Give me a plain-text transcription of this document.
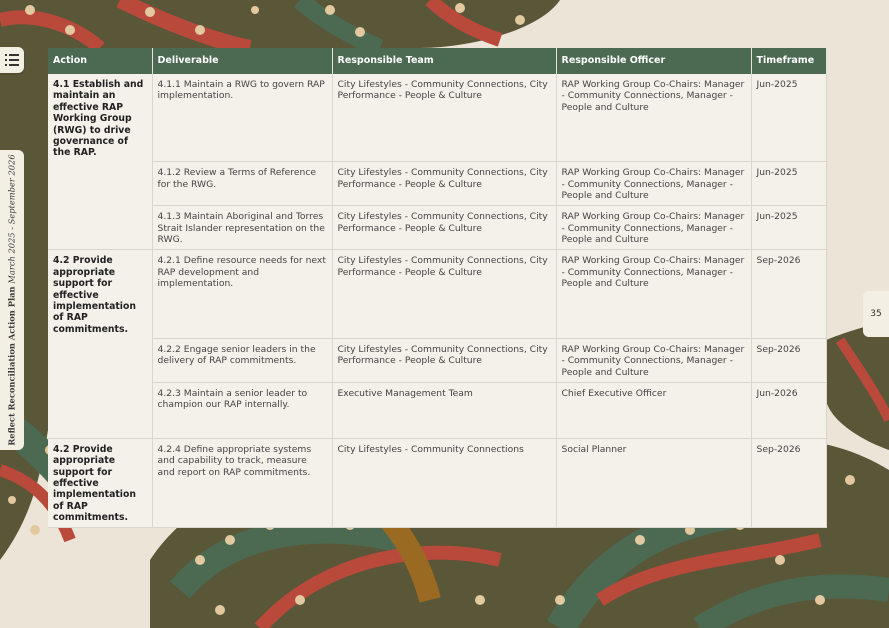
Reflect Reconciliation Action Plan March 2025 - September 2026
35
Action	Deliverable	Responsible Team	Responsible Officer	Timeframe
4.1 Establish and maintain an effective RAP Working Group (RWG) to drive governance of the RAP.	4.1.1 Maintain a RWG to govern RAP implementation.	City Lifestyles - Community Connections, City Performance - People & Culture	RAP Working Group Co-Chairs: Manager - Community Connections, Manager - People and Culture	Jun-2025
	4.1.2 Review a Terms of Reference for the RWG.	City Lifestyles - Community Connections, City Performance - People & Culture	RAP Working Group Co-Chairs: Manager - Community Connections, Manager - People and Culture	Jun-2025
	4.1.3 Maintain Aboriginal and Torres Strait Islander representation on the RWG.	City Lifestyles - Community Connections, City Performance - People & Culture	RAP Working Group Co-Chairs: Manager - Community Connections, Manager - People and Culture	Jun-2025
4.2 Provide appropriate support for effective implementation of RAP commitments.	4.2.1 Define resource needs for next RAP development and implementation.	City Lifestyles - Community Connections, City Performance - People & Culture	RAP Working Group Co-Chairs: Manager - Community Connections, Manager - People and Culture	Sep-2026
	4.2.2 Engage senior leaders in the delivery of RAP commitments.	City Lifestyles - Community Connections, City Performance - People & Culture	RAP Working Group Co-Chairs: Manager - Community Connections, Manager - People and Culture	Sep-2026
	4.2.3 Maintain a senior leader to champion our RAP internally.	Executive Management Team	Chief Executive Officer	Jun-2026
4.2 Provide appropriate support for effective implementation of RAP commitments.	4.2.4 Define appropriate systems and capability to track, measure and report on RAP commitments.	City Lifestyles - Community Connections	Social Planner	Sep-2026
